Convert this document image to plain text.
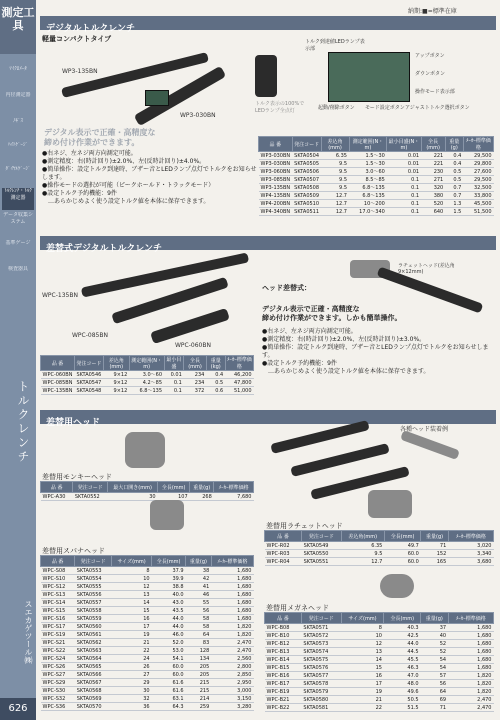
測定工具
ﾏｲｸﾛﾒｰﾀ
内径測定器
ﾉｷﾞｽ
ﾊｲﾄｹﾞｰｼﾞ
ﾀﾞｲﾔﾙｹﾞｰｼﾞ
ﾄﾙｸﾚﾝﾁ・ﾄﾙｸ測定器
データ収集システム
基準ゲージ
検査器具
トルクレンチ
スエカゲツール㈱
626
納期:■=標準在庫
デジタルトルクレンチ
軽量コンパクトタイプ
WP3-135BN
WP3-030BN
トルク到達値LEDランプ表示部
アップボタン
ダウンボタン
操作モード表示部
起動/削除ボタン モード設定ボタン アジャストトルク選択ボタン
トルク表示の100%でLEDランプ全点灯
デジタル表示で正確・高精度な
締め付け作業ができます。
●右ネジ、左ネジ両方向測定可能。
●測定精度：右(時計回り)±2.0%、左(反時計回り)±4.0%。
●簡単操作：設定トルク到達時、ブザー音とLEDランプ点灯でトルクをお知らせします。
●操作モードの選択が可能（ピークホールド・トラックモード）
●設定トルク予約機能：9件
　…あらかじめよく使う設定トルク値を本体に保存できます。
品 番	発注コード	差込角(mm)	測定範囲(N・m)	最小目盛(N・m)	全長(mm)	重量(g)	ﾒｰｶｰ標準価格
WP3-030BN	SKTA0504	6.35	1.5〜30	0.01	221	0.4	29,500
WP3-030BN	SKTA0505	9.5	1.5〜30	0.01	221	0.4	29,800
WP3-060BN	SKTA0506	9.5	3.0〜60	0.01	230	0.5	27,600
WP3-085BN	SKTA0507	9.5	8.5〜85	0.1	271	0.5	29,500
WP3-135BN	SKTA0508	9.5	6.8〜135	0.1	320	0.7	32,500
WP4-135BN	SKTA0509	12.7	6.8〜135	0.1	380	0.7	33,800
WP4-200BN	SKTA0510	12.7	10〜200	0.1	520	1.3	45,500
WP4-340BN	SKTA0511	12.7	17.0〜340	0.1	640	1.5	51,500
差替式デジタルトルクレンチ
WPC-135BN
WPC-085BN
WPC-060BN
ラチェットヘッド(差込角9×12mm)
ヘッド差替式：
デジタル表示で正確・高精度な
締め付け作業ができます。しかも簡単操作。
●右ネジ、左ネジ両方向測定可能。
●測定精度：右(時計回り)±2.0%、左(反時計回り)±3.0%。
●簡単操作：設定トルク到達時、ブザー音とLEDランプ点灯でトルクをお知らせします。
●設定トルク予約機能：9件
　…あらかじめよく使う設定トルク値を本体に保存できます。
品 番	発注コード	差込角(mm)	測定範囲(N・m)	最小目盛	全長(mm)	重量(kg)	ﾒｰｶｰ標準価格
WPC-060BN	SKTA0546	9×12	3.0〜60	0.01	234	0.4	46,200
WPC-085BN	SKTA0547	9×12	4.2〜85	0.1	234	0.5	47,800
WPC-135BN	SKTA0548	9×12	6.8〜135	0.1	372	0.6	51,000
差替用ヘッド
差替用モンキーヘッド
品 番	発注コード	最大口開き(mm)	全長(mm)	重量(g)	ﾒｰｶｰ標準価格
WPC-A30	SKTA0552	30	107	268	7,680
差替用スパナヘッド
品 番	発注コード	サイズ(mm)	全長(mm)	重量(g)	ﾒｰｶｰ標準価格
WPC-S08	SKTA0553	8	37.9	38	1,680
WPC-S10	SKTA0554	10	39.9	42	1,680
WPC-S12	SKTA0555	12	38.8	41	1,680
WPC-S13	SKTA0556	13	40.0	46	1,680
WPC-S14	SKTA0557	14	43.0	55	1,680
WPC-S15	SKTA0558	15	43.5	56	1,680
WPC-S16	SKTA0559	16	44.0	58	1,680
WPC-S17	SKTA0560	17	44.0	58	1,820
WPC-S19	SKTA0561	19	46.0	64	1,820
WPC-S21	SKTA0562	21	52.0	83	2,470
WPC-S22	SKTA0563	22	53.0	128	2,470
WPC-S24	SKTA0564	24	54.1	134	2,560
WPC-S26	SKTA0565	26	60.0	205	2,800
WPC-S27	SKTA0566	27	60.0	205	2,850
WPC-S29	SKTA0567	29	61.6	215	2,950
WPC-S30	SKTA0568	30	61.6	215	3,000
WPC-S32	SKTA0569	32	63.1	214	3,150
WPC-S36	SKTA0570	36	64.3	259	3,280
各種ヘッド装着例
差替用ラチェットヘッド
品 番	発注コード	差込角(mm)	全長(mm)	重量(g)	ﾒｰｶｰ標準価格
WPC-R02	SKTA0549	6.35	49.7	71	3,020
WPC-R03	SKTA0550	9.5	60.0	152	3,340
WPC-R04	SKTA0551	12.7	60.0	165	3,680
差替用メガネヘッド
品 番	発注コード	サイズ(mm)	全長(mm)	重量(g)	ﾒｰｶｰ標準価格
WPC-B08	SKTA0571	8	40.3	37	1,680
WPC-B10	SKTA0572	10	42.5	40	1,680
WPC-B12	SKTA0573	12	44.0	52	1,680
WPC-B13	SKTA0574	13	44.5	52	1,680
WPC-B14	SKTA0575	14	45.5	54	1,680
WPC-B15	SKTA0576	15	46.3	54	1,680
WPC-B16	SKTA0577	16	47.0	57	1,820
WPC-B17	SKTA0578	17	48.0	56	1,820
WPC-B19	SKTA0579	19	49.6	64	1,820
WPC-B21	SKTA0580	21	50.5	69	2,470
WPC-B22	SKTA0581	22	51.5	71	2,470
